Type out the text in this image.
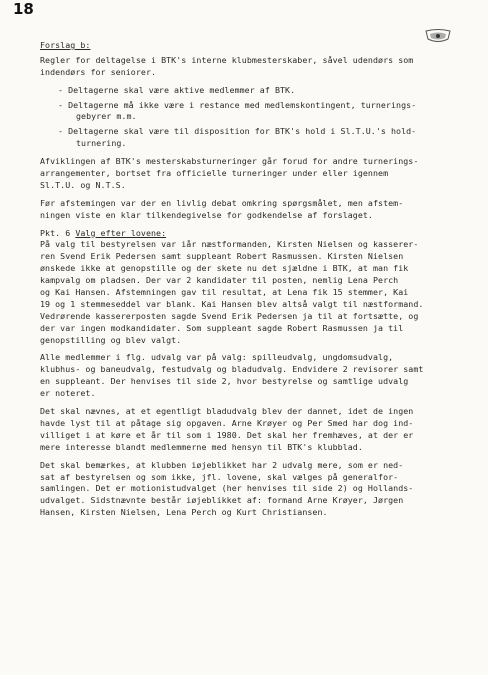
18
Forslag b:
Regler for deltagelse i BTK's interne klubmesterskaber, såvel udendørs som
indendørs for seniorer.
- Deltagerne skal være aktive medlemmer af BTK.
- Deltagerne må ikke være i restance med medlemskontingent, turnerings-
gebyrer m.m.
- Deltagerne skal være til disposition for BTK's hold i Sl.T.U.'s hold-
turnering.
Afviklingen af BTK's mesterskabsturneringer går forud for andre turnerings-
arrangementer, bortset fra officielle turneringer under eller igennem
Sl.T.U. og N.T.S.
Før afstemingen var der en livlig debat omkring spørgsmålet, men afstem-
ningen viste en klar tilkendegivelse for godkendelse af forslaget.
Pkt. 6 Valg efter lovene:
På valg til bestyrelsen var iår næstformanden, Kirsten Nielsen og kasserer-
ren Svend Erik Pedersen samt suppleant Robert Rasmussen. Kirsten Nielsen
ønskede ikke at genopstille og der skete nu det sjældne i BTK, at man fik
kampvalg om pladsen. Der var 2 kandidater til posten, nemlig Lena Perch
og Kai Hansen. Afstemningen gav til resultat, at Lena fik 15 stemmer, Kai
19 og 1 stemmeseddel var blank. Kai Hansen blev altså valgt til næstformand.
Vedrørende kassererposten sagde Svend Erik Pedersen ja til at fortsætte, og
der var ingen modkandidater. Som suppleant sagde Robert Rasmussen ja til
genopstilling og blev valgt.
Alle medlemmer i flg. udvalg var på valg: spilleudvalg, ungdomsudvalg,
klubhus- og baneudvalg, festudvalg og bladudvalg. Endvidere 2 revisorer samt
en suppleant. Der henvises til side 2, hvor bestyrelse og samtlige udvalg
er noteret.
Det skal nævnes, at et egentligt bladudvalg blev der dannet, idet de ingen
havde lyst til at påtage sig opgaven. Arne Krøyer og Per Smed har dog ind-
villiget i at køre et år til som i 1980. Det skal her fremhæves, at der er
mere interesse blandt medlemmerne med hensyn til BTK's klubblad.
Det skal bemærkes, at klubben iøjeblikket har 2 udvalg mere, som er ned-
sat af bestyrelsen og som ikke, jfl. lovene, skal vælges på generalfor-
samlingen. Det er motionistudvalget (her henvises til side 2) og Hollands-
udvalget. Sidstnævnte består iøjeblikket af: formand Arne Krøyer, Jørgen
Hansen, Kirsten Nielsen, Lena Perch og Kurt Christiansen.
